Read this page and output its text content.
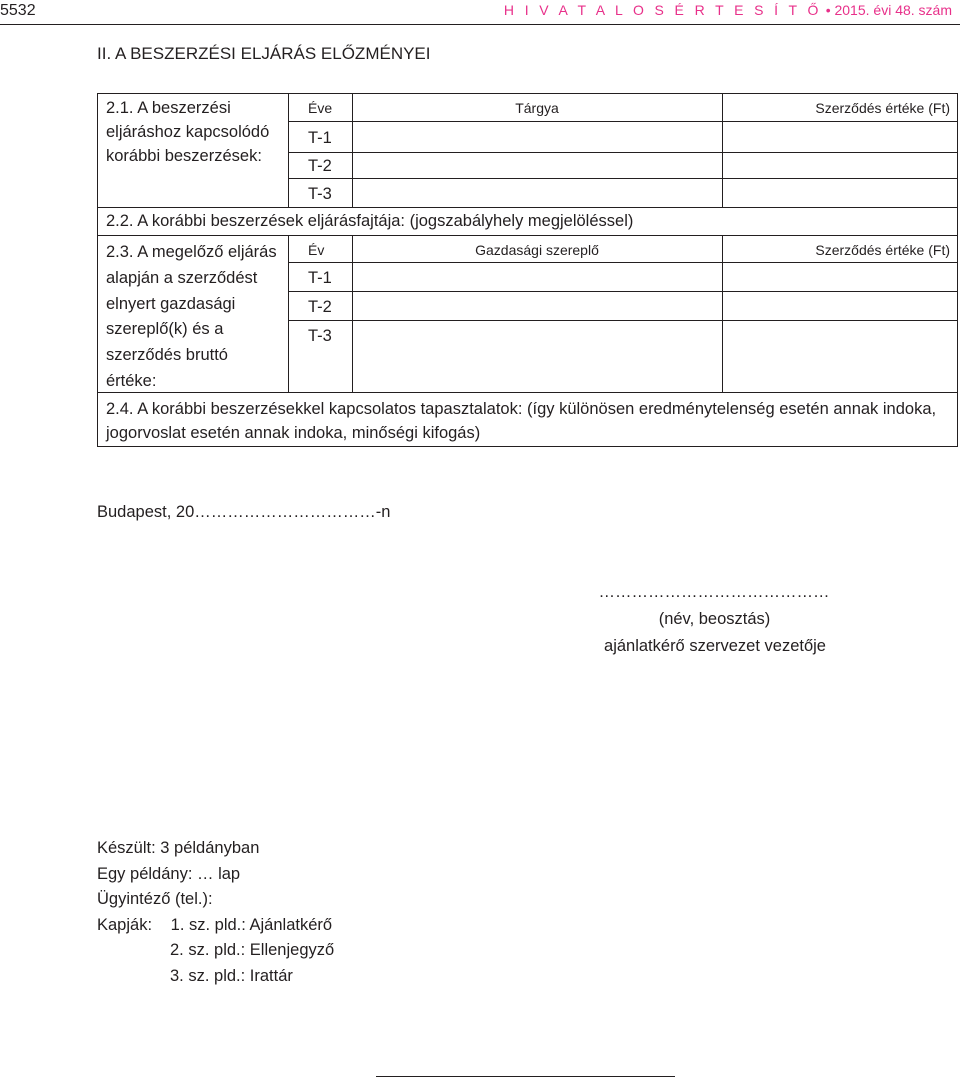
5532	H I V A T A L O S É R T E S Í T Ő • 2015. évi 48. szám
II. A BESZERZÉSI ELJÁRÁS ELŐZMÉNYEI
2.1. A beszerzési
eljáráshoz kapcsolódó
korábbi beszerzések:
Éve	Tárgya	Szerződés értéke (Ft)
T-1
T-2
T-3
2.2. A korábbi beszerzések eljárásfajtája: (jogszabályhely megjelöléssel)
2.3. A megelőző eljárás
alapján a szerződést
elnyert gazdasági
szereplő(k) és a
szerződés bruttó
értéke:
Év	Gazdasági szereplő	Szerződés értéke (Ft)
T-1
T-2
T-3
2.4. A korábbi beszerzésekkel kapcsolatos tapasztalatok: (így különösen eredménytelenség esetén annak indoka,
jogorvoslat esetén annak indoka, minőségi kifogás)
Budapest, 20……………………………-n
……………………………………
(név, beosztás)
ajánlatkérő szervezet vezetője
Készült: 3 példányban
Egy példány: … lap
Ügyintéző (tel.):
Kapják: 1. sz. pld.: Ajánlatkérő
2. sz. pld.: Ellenjegyző
3. sz. pld.: Irattár
